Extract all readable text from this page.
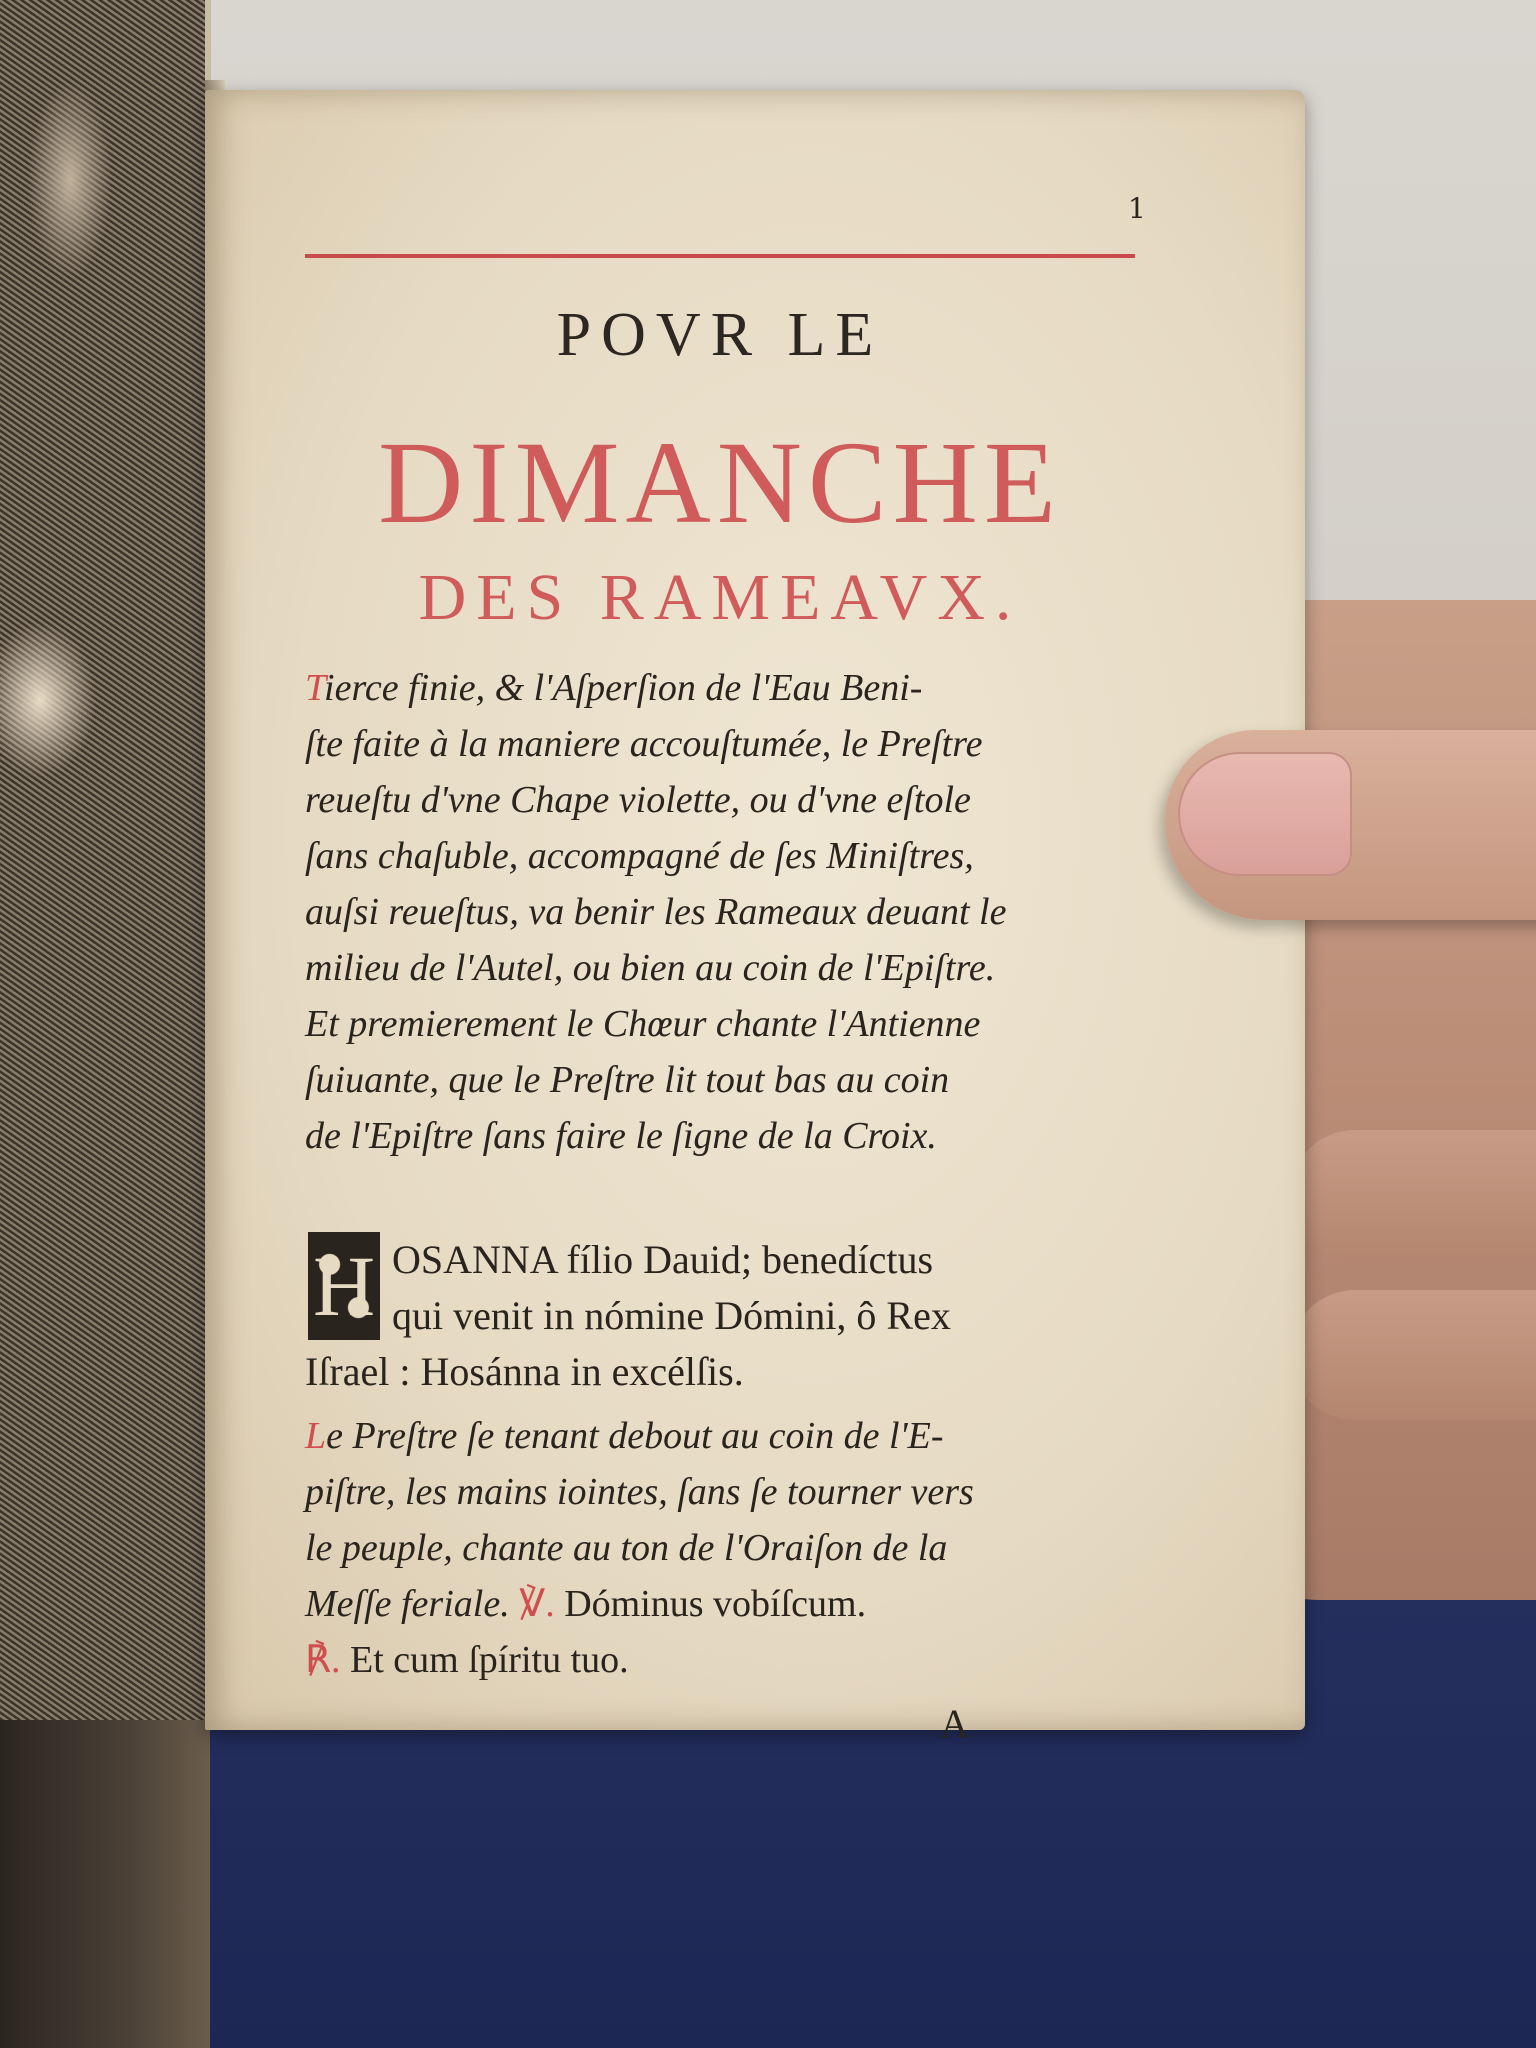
1
POVR LE
DIMANCHE
DES RAMEAVX.
Tierce finie, & l'Aſperſion de l'Eau Beni-
ſte faite à la maniere accouſtumée, le Preſtre
reueſtu d'vne Chape violette, ou d'vne eſtole
ſans chaſuble, accompagné de ſes Miniſtres,
auſsi reueſtus, va benir les Rameaux deuant le
milieu de l'Autel, ou bien au coin de l'Epiſtre.
Et premierement le Chœur chante l'Antienne
ſuiuante, que le Preſtre lit tout bas au coin
de l'Epiſtre ſans faire le ſigne de la Croix.
H OSANNA fílio Dauid; benedíctus
qui venit in nómine Dómini, ô Rex
Iſrael : Hosánna in excélſis.
Le Preſtre ſe tenant debout au coin de l'E-
piſtre, les mains iointes, ſans ſe tourner vers
le peuple, chante au ton de l'Oraiſon de la
Meſſe feriale. ℣. Dóminus vobíſcum.
℟. Et cum ſpíritu tuo.
A
